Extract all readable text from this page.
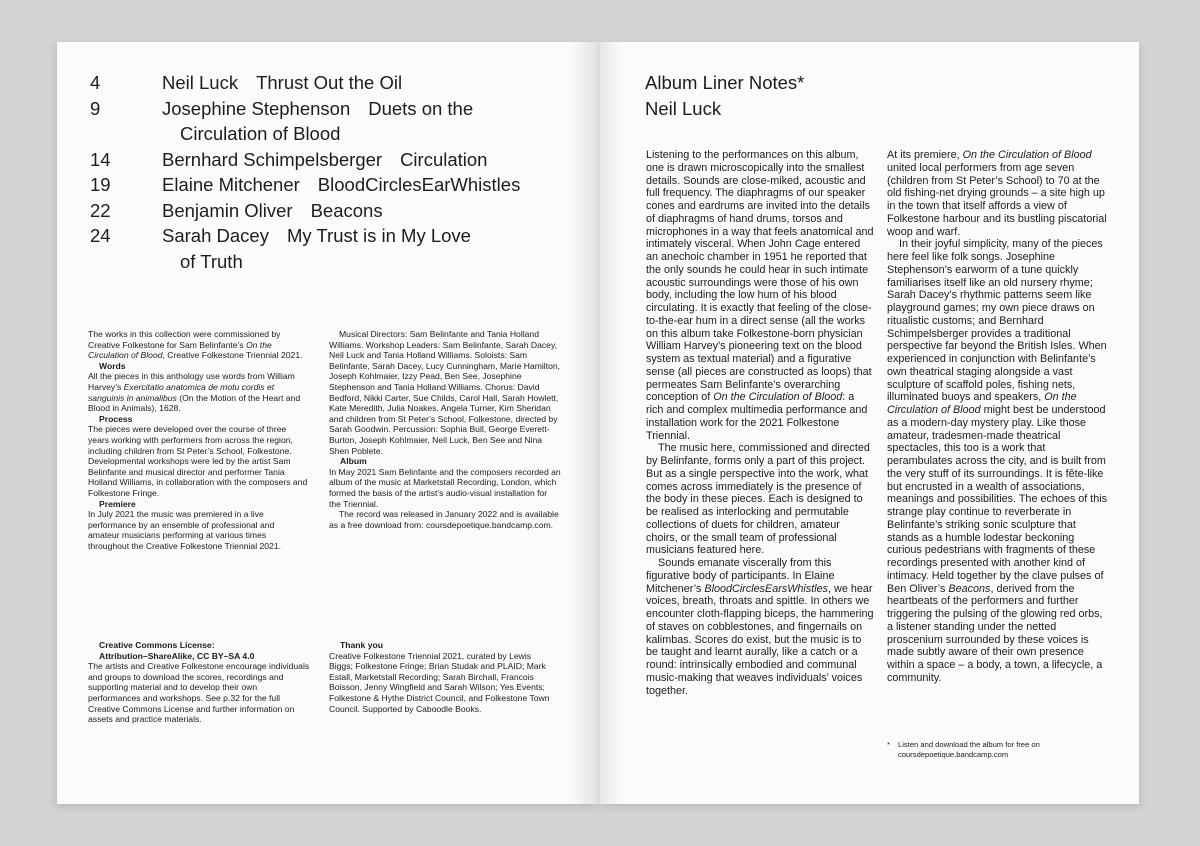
4	Neil Luck Thrust Out the Oil
9	Josephine Stephenson Duets on the
Circulation of Blood
14	Bernhard Schimpelsberger Circulation
19	Elaine Mitchener BloodCirclesEarWhistles
22	Benjamin Oliver Beacons
24	Sarah Dacey My Trust is in My Love
of Truth

The works in this collection were commissioned by Creative Folkestone for Sam Belinfante’s On the Circulation of Blood, Creative Folkestone Triennial 2021.

Words

All the pieces in this anthology use words from William Harvey’s Exercitatio anatomica de motu cordis et sanguinis in animalibus (On the Motion of the Heart and Blood in Animals), 1628.

Process

The pieces were developed over the course of three years working with performers from across the region, including children from St Peter’s School, Folkestone. Developmental workshops were led by the artist Sam Belinfante and musical director and performer Tania Holland Williams, in collaboration with the composers and Folkestone Fringe.

Premiere

In July 2021 the music was premiered in a live performance by an ensemble of professional and amateur musicians performing at various times throughout the Creative Folkestone Triennial 2021.

Musical Directors: Sam Belinfante and Tania Holland Williams. Workshop Leaders: Sam Belinfante, Sarah Dacey, Neil Luck and Tania Holland Williams. Soloists: Sam Belinfante, Sarah Dacey, Lucy Cunningham, Marie Hamilton, Joseph Kohlmaier, Izzy Pead, Ben See, Josephine Stephenson and Tania Holland Williams. Chorus: David Bedford, Nikki Carter, Sue Childs, Carol Hall, Sarah Howlett, Kate Meredith, Julia Noakes, Angela Turner, Kim Sheridan and children from St Peter’s School, Folkestone, directed by Sarah Goodwin. Percussion: Sophia Bull, George Everett-Burton, Joseph Kohlmaier, Neil Luck, Ben See and Nina Shen Poblete.

Album

In May 2021 Sam Belinfante and the composers recorded an album of the music at Marketstall Recording, London, which formed the basis of the artist’s audio-visual installation for the Triennial.

The record was released in January 2022 and is available as a free download from: coursdepoetique.bandcamp.com.

Creative Commons License:

Attribution–ShareAlike, CC BY–SA 4.0

The artists and Creative Folkestone encourage individuals and groups to download the scores, recordings and supporting material and to develop their own performances and workshops. See p.32 for the full Creative Commons License and further information on assets and practice materials.

Thank you

Creative Folkestone Triennial 2021, curated by Lewis Biggs; Folkestone Fringe; Brian Studak and PLAID; Mark Estall, Marketstall Recording; Sarah Birchall, Francois Boisson, Jenny Wingfield and Sarah Wilson; Yes Events; Folkestone & Hythe District Council, and Folkestone Town Council. Supported by Caboodle Books.

Album Liner Notes*
Neil Luck

Listening to the performances on this album, one is drawn microscopically into the smallest details. Sounds are close-miked, acoustic and full frequency. The diaphragms of our speaker cones and eardrums are invited into the details of diaphragms of hand drums, torsos and microphones in a way that feels anatomical and intimately visceral. When John Cage entered an anechoic chamber in 1951 he reported that the only sounds he could hear in such intimate acoustic surroundings were those of his own body, including the low hum of his blood circulating. It is exactly that feeling of the close-to-the-ear hum in a direct sense (all the works on this album take Folkestone-born physician William Harvey’s pioneering text on the blood system as textual material) and a figurative sense (all pieces are constructed as loops) that permeates Sam Belinfante’s overarching conception of On the Circulation of Blood: a rich and complex multimedia performance and installation work for the 2021 Folkestone Triennial.

The music here, commissioned and directed by Belinfante, forms only a part of this project. But as a single perspective into the work, what comes across immediately is the presence of the body in these pieces. Each is designed to be realised as interlocking and permutable collections of duets for children, amateur choirs, or the small team of professional musicians featured here.

Sounds emanate viscerally from this figurative body of participants. In Elaine Mitchener’s BloodCirclesEarsWhistles, we hear voices, breath, throats and spittle. In others we encounter cloth-flapping biceps, the hammering of staves on cobblestones, and fingernails on kalimbas. Scores do exist, but the music is to be taught and learnt aurally, like a catch or a round: intrinsically embodied and communal music-making that weaves individuals’ voices together.

At its premiere, On the Circulation of Blood united local performers from age seven (children from St Peter’s School) to 70 at the old fishing-net drying grounds – a site high up in the town that itself affords a view of Folkestone harbour and its bustling piscatorial woop and warf.

In their joyful simplicity, many of the pieces here feel like folk songs. Josephine Stephenson’s earworm of a tune quickly familiarises itself like an old nursery rhyme; Sarah Dacey’s rhythmic patterns seem like playground games; my own piece draws on ritualistic customs; and Bernhard Schimpelsberger provides a traditional perspective far beyond the British Isles. When experienced in conjunction with Belinfante’s own theatrical staging alongside a vast sculpture of scaffold poles, fishing nets, illuminated buoys and speakers, On the Circulation of Blood might best be understood as a modern-day mystery play. Like those amateur, tradesmen-made theatrical spectacles, this too is a work that perambulates across the city, and is built from the very stuff of its surroundings. It is fête-like but encrusted in a wealth of associations, meanings and possibilities. The echoes of this strange play continue to reverberate in Belinfante’s striking sonic sculpture that stands as a humble lodestar beckoning curious pedestrians with fragments of these recordings presented with another kind of intimacy. Held together by the clave pulses of Ben Oliver’s Beacons, derived from the heartbeats of the performers and further triggering the pulsing of the glowing red orbs, a listener standing under the netted proscenium surrounded by these voices is made subtly aware of their own presence within a space – a body, a town, a lifecycle, a community.

*	Listen and download the album for free on coursdepoetique.bandcamp.com
